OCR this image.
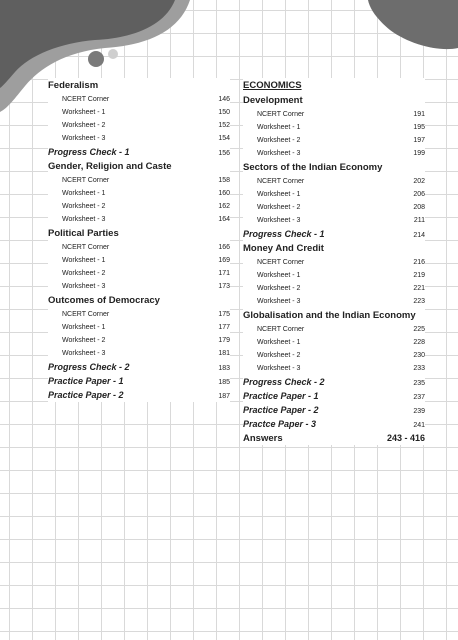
Federalism
NCERT Corner	146
Worksheet - 1	150
Worksheet - 2	152
Worksheet - 3	154
Progress Check - 1	156
Gender, Religion and Caste
NCERT Corner	158
Worksheet - 1	160
Worksheet - 2	162
Worksheet - 3	164
Political Parties
NCERT Corner	166
Worksheet - 1	169
Worksheet - 2	171
Worksheet - 3	173
Outcomes of Democracy
NCERT Corner	175
Worksheet - 1	177
Worksheet - 2	179
Worksheet - 3	181
Progress Check - 2	183
Practice Paper - 1	185
Practice Paper - 2	187
ECONOMICS
Development
NCERT Corner	191
Worksheet - 1	195
Worksheet - 2	197
Worksheet - 3	199
Sectors of the Indian Economy
NCERT Corner	202
Worksheet - 1	206
Worksheet - 2	208
Worksheet - 3	211
Progress Check - 1	214
Money And Credit
NCERT Corner	216
Worksheet - 1	219
Worksheet - 2	221
Worksheet - 3	223
Globalisation and the Indian Economy
NCERT Corner	225
Worksheet - 1	228
Worksheet - 2	230
Worksheet - 3	233
Progress Check - 2	235
Practice Paper - 1	237
Practice Paper - 2	239
Practce Paper - 3	241
Answers	243 - 416
